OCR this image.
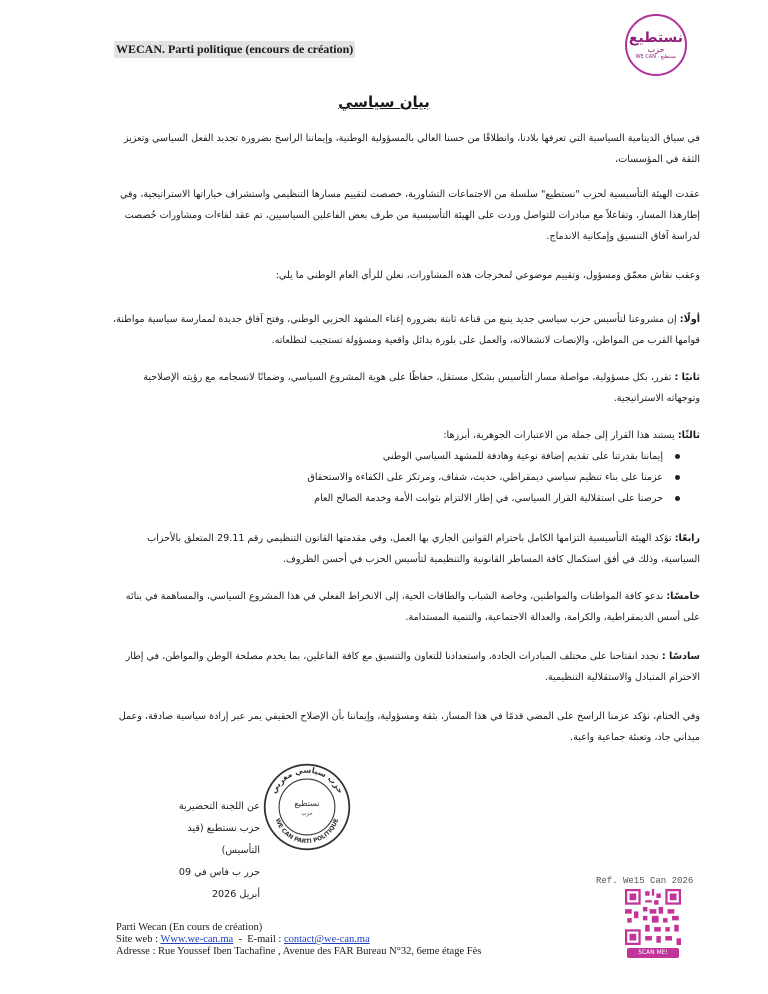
WECAN. Parti politique (encours de création)
نستطيع
حزب
WE CAN · نستطيع
بيان سياسي

في سياق الدينامية السياسية التي تعرفها بلادنا، وانطلاقًا من حسنا العالي بالمسؤولية الوطنية، وإيماننا الراسخ بضرورة تجديد الفعل السياسي وتعزيز الثقة في المؤسسات،

عقدت الهيئة التأسيسية لحزب "نستطيع" سلسلة من الاجتماعات التشاورية، خصصت لتقييم مسارها التنظيمي واستشراف خياراتها الاستراتيجية، وفي إطارهذا المسار، وتفاعلاً مع مبادرات للتواصل وردت على الهيئة التأسيسية من طرف بعض الفاعلين السياسيين، تم عقد لقاءات ومشاورات خُصصت لدراسة آفاق التنسيق وإمكانية الاندماج.

وعقب نقاش معمّق ومسؤول، وتقييم موضوعي لمخرجات هذه المشاورات، نعلن للرأي العام الوطني ما يلي:

أولًا: إن مشروعنا لتأسيس حزب سياسي جديد ينبع من قناعة ثابتة بضرورة إغناء المشهد الحزبي الوطني، وفتح آفاق جديدة لممارسة سياسية مواطنة، قوامها القرب من المواطن، والإنصات لانشغالاته، والعمل على بلورة بدائل واقعية ومسؤولة تستجيب لتطلعاته.

ثانيًا : تقرر، بكل مسؤولية، مواصلة مسار التأسيس بشكل مستقل، حفاظًا على هوية المشروع السياسي، وضمانًا لانسجامه مع رؤيته الإصلاحية وتوجهاته الاستراتيجية.

ثالثًا: يستند هذا القرار إلى جملة من الاعتبارات الجوهرية، أبرزها:

إيماننا بقدرتنا على تقديم إضافة نوعية وهادفة للمشهد السياسي الوطني
عزمنا على بناء تنظيم سياسي ديمقراطي، حديث، شفاف، ومرتكز على الكفاءة والاستحقاق
حرصنا على استقلالية القرار السياسي، في إطار الالتزام بثوابت الأمة وخدمة الصالح العام

رابعًا: تؤكد الهيئة التأسيسية التزامها الكامل باحترام القوانين الجاري بها العمل، وفي مقدمتها القانون التنظيمي رقم 29.11 المتعلق بالأحزاب السياسية، وذلك في أفق استكمال كافة المساطر القانونية والتنظيمية لتأسيس الحزب في أحسن الظروف.

خامسًا: ندعو كافة المواطنات والمواطنين، وخاصة الشباب والطاقات الحية، إلى الانخراط الفعلي في هذا المشروع السياسي، والمساهمة في بنائه على أسس الديمقراطية، والكرامة، والعدالة الاجتماعية، والتنمية المستدامة.

سادسًا : نجدد انفتاحنا على مختلف المبادرات الجادة، واستعدادنا للتعاون والتنسيق مع كافة الفاعلين، بما يخدم مصلحة الوطن والمواطن، في إطار الاحترام المتبادل والاستقلالية التنظيمية.

وفي الختام، نؤكد عزمنا الراسخ على المضي قدمًا في هذا المسار، بثقة ومسؤولية، وإيماننا بأن الإصلاح الحقيقي يمر عبر إرادة سياسية صادقة، وعمل ميداني جاد، وتعبئة جماعية واعية.

عن اللجنة التحضيرية
حزب نستطيع (قيد التأسيس)
حرر ب فاس في 09 أبريل 2026
حزب سياسي مغربي
WE CAN PARTI POLITIQUE
نستطيع
حزب
Ref. We15 Can 2026
SCAN ME!
Parti Wecan (En cours de création)
Site web : Www.we-can.ma  -  E-mail : contact@we-can.ma
Adresse : Rue Youssef Iben Tachafine , Avenue des FAR Bureau N°32, 6eme étage Fès
